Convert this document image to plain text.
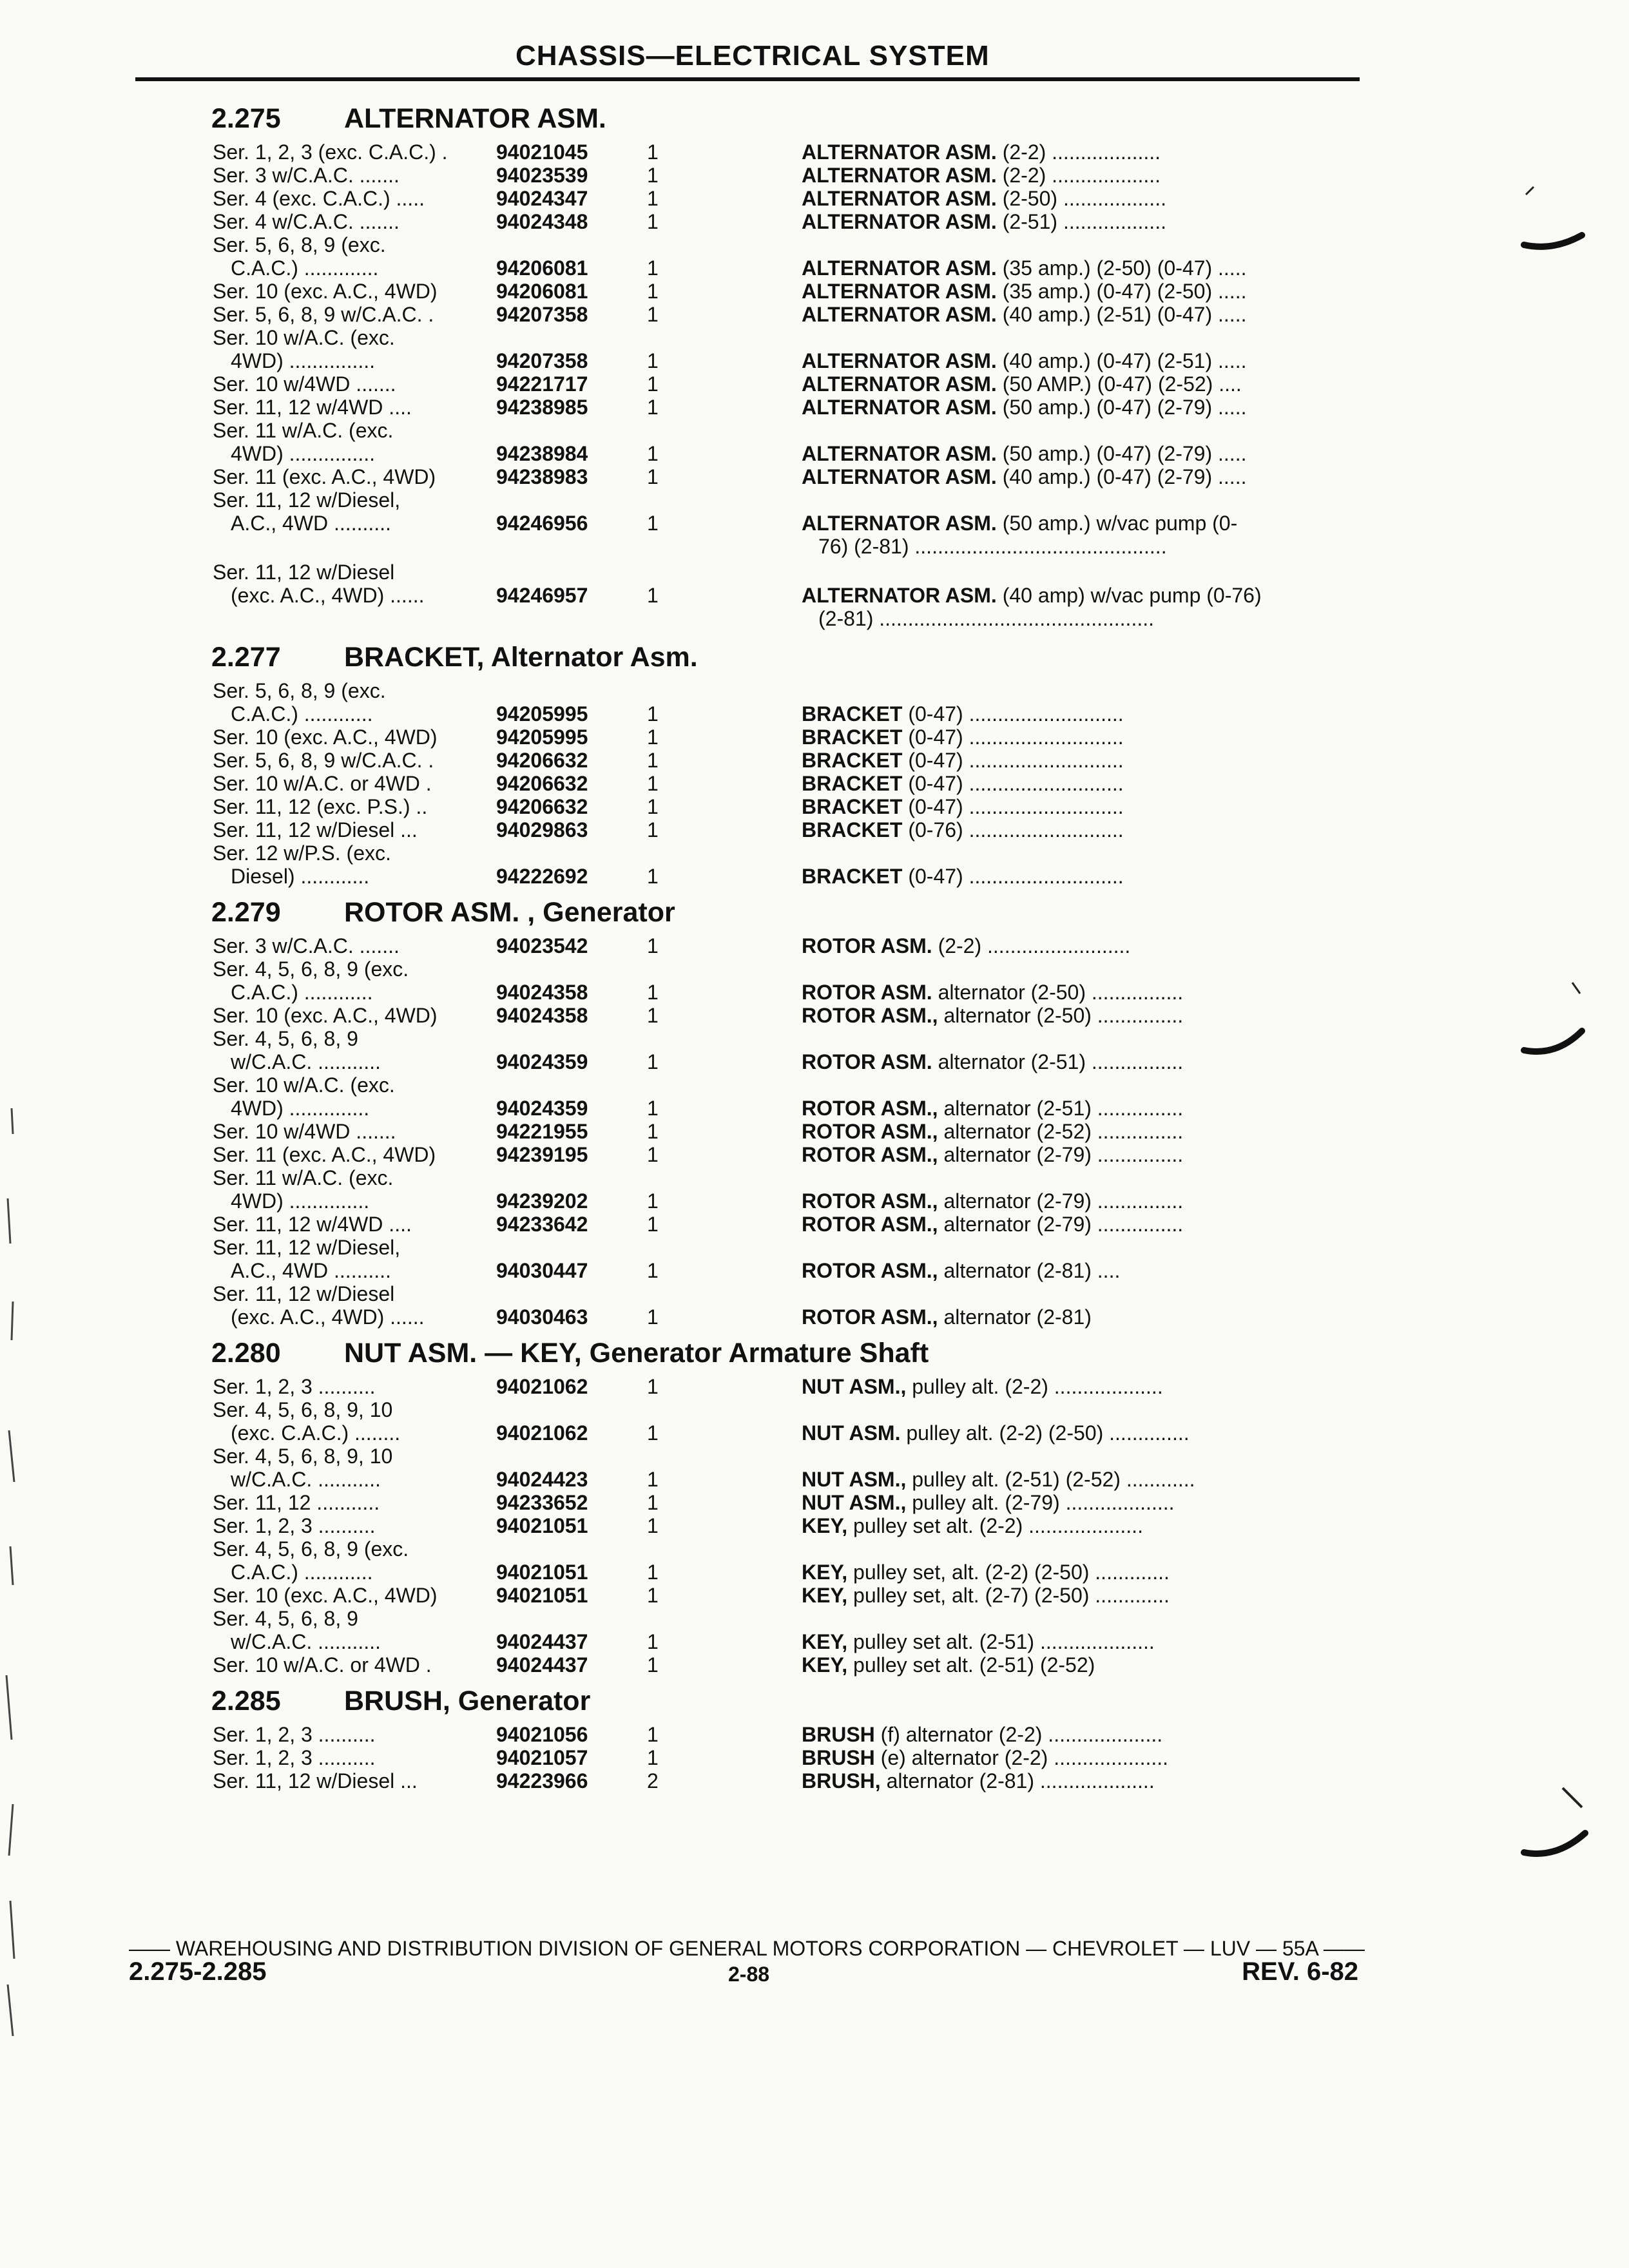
CHASSIS—ELECTRICAL SYSTEM
2.275 ALTERNATOR ASM.
Ser. 1, 2, 3 (exc. C.A.C.) . 94021045	1	ALTERNATOR ASM. (2-2) ...................
Ser. 3 w/C.A.C. .......	94023539	1	ALTERNATOR ASM. (2-2) ...................
Ser. 4 (exc. C.A.C.) .....	94024347	1	ALTERNATOR ASM. (2-50) ..................
Ser. 4 w/C.A.C. .......	94024348	1	ALTERNATOR ASM. (2-51) ..................
Ser. 5, 6, 8, 9 (exc.
C.A.C.) .............	94206081	1	ALTERNATOR ASM. (35 amp.) (2-50) (0-47) .....
Ser. 10 (exc. A.C., 4WD)	94206081	1	ALTERNATOR ASM. (35 amp.) (0-47) (2-50) .....
Ser. 5, 6, 8, 9 w/C.A.C. .	94207358	1	ALTERNATOR ASM. (40 amp.) (2-51) (0-47) .....
Ser. 10 w/A.C. (exc.
4WD) ...............	94207358	1	ALTERNATOR ASM. (40 amp.) (0-47) (2-51) .....
Ser. 10 w/4WD .......	94221717	1	ALTERNATOR ASM. (50 AMP.) (0-47) (2-52) ....
Ser. 11, 12 w/4WD ....	94238985	1	ALTERNATOR ASM. (50 amp.) (0-47) (2-79) .....
Ser. 11 w/A.C. (exc.
4WD) ...............	94238984	1	ALTERNATOR ASM. (50 amp.) (0-47) (2-79) .....
Ser. 11 (exc. A.C., 4WD)	94238983	1	ALTERNATOR ASM. (40 amp.) (0-47) (2-79) .....
Ser. 11, 12 w/Diesel,
A.C., 4WD ..........	94246956	1	ALTERNATOR ASM. (50 amp.) w/vac pump (0-
76) (2-81) ............................................
Ser. 11, 12 w/Diesel
(exc. A.C., 4WD) ......	94246957	1	ALTERNATOR ASM. (40 amp) w/vac pump (0-76)
(2-81) ................................................
2.277 BRACKET, Alternator Asm.
Ser. 5, 6, 8, 9 (exc.
C.A.C.) ............	94205995	1	BRACKET (0-47) ...........................
Ser. 10 (exc. A.C., 4WD)	94205995	1	BRACKET (0-47) ...........................
Ser. 5, 6, 8, 9 w/C.A.C. .	94206632	1	BRACKET (0-47) ...........................
Ser. 10 w/A.C. or 4WD .	94206632	1	BRACKET (0-47) ...........................
Ser. 11, 12 (exc. P.S.) ..	94206632	1	BRACKET (0-47) ...........................
Ser. 11, 12 w/Diesel ...	94029863	1	BRACKET (0-76) ...........................
Ser. 12 w/P.S. (exc.
Diesel) ............	94222692	1	BRACKET (0-47) ...........................
2.279 ROTOR ASM. , Generator
Ser. 3 w/C.A.C. .......	94023542	1	ROTOR ASM. (2-2) .........................
Ser. 4, 5, 6, 8, 9 (exc.
C.A.C.) ............	94024358	1	ROTOR ASM. alternator (2-50) ................
Ser. 10 (exc. A.C., 4WD)	94024358	1	ROTOR ASM., alternator (2-50) ...............
Ser. 4, 5, 6, 8, 9
w/C.A.C. ...........	94024359	1	ROTOR ASM. alternator (2-51) ................
Ser. 10 w/A.C. (exc.
4WD) ..............	94024359	1	ROTOR ASM., alternator (2-51) ...............
Ser. 10 w/4WD .......	94221955	1	ROTOR ASM., alternator (2-52) ...............
Ser. 11 (exc. A.C., 4WD)	94239195	1	ROTOR ASM., alternator (2-79) ...............
Ser. 11 w/A.C. (exc.
4WD) ..............	94239202	1	ROTOR ASM., alternator (2-79) ...............
Ser. 11, 12 w/4WD ....	94233642	1	ROTOR ASM., alternator (2-79) ...............
Ser. 11, 12 w/Diesel,
A.C., 4WD ..........	94030447	1	ROTOR ASM., alternator (2-81) ....
Ser. 11, 12 w/Diesel
(exc. A.C., 4WD) ......	94030463	1	ROTOR ASM., alternator (2-81)
2.280 NUT ASM. — KEY, Generator Armature Shaft
Ser. 1, 2, 3 ..........	94021062	1	NUT ASM., pulley alt. (2-2) ...................
Ser. 4, 5, 6, 8, 9, 10
(exc. C.A.C.) ........	94021062	1	NUT ASM. pulley alt. (2-2) (2-50) ..............
Ser. 4, 5, 6, 8, 9, 10
w/C.A.C. ...........	94024423	1	NUT ASM., pulley alt. (2-51) (2-52) ............
Ser. 11, 12 ...........	94233652	1	NUT ASM., pulley alt. (2-79) ...................
Ser. 1, 2, 3 ..........	94021051	1	KEY, pulley set alt. (2-2) ....................
Ser. 4, 5, 6, 8, 9 (exc.
C.A.C.) ............	94021051	1	KEY, pulley set, alt. (2-2) (2-50) .............
Ser. 10 (exc. A.C., 4WD)	94021051	1	KEY, pulley set, alt. (2-7) (2-50) .............
Ser. 4, 5, 6, 8, 9
w/C.A.C. ...........	94024437	1	KEY, pulley set alt. (2-51) ....................
Ser. 10 w/A.C. or 4WD .	94024437	1	KEY, pulley set alt. (2-51) (2-52)
2.285 BRUSH, Generator
Ser. 1, 2, 3 ..........	94021056	1	BRUSH (f) alternator (2-2) ....................
Ser. 1, 2, 3 ..........	94021057	1	BRUSH (e) alternator (2-2) ....................
Ser. 11, 12 w/Diesel ...	94223966	2	BRUSH, alternator (2-81) ....................
—— WAREHOUSING AND DISTRIBUTION DIVISION OF GENERAL MOTORS CORPORATION — CHEVROLET — LUV — 55A ——
2.275-2.285	2-88	REV. 6-82
